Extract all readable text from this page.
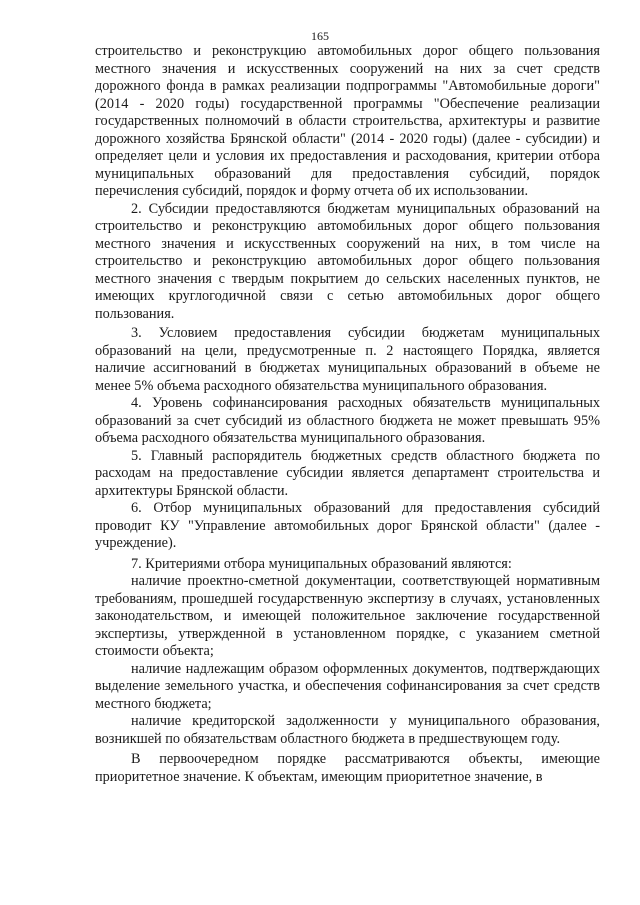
165

строительство и реконструкцию автомобильных дорог общего пользования местного значения и искусственных сооружений на них за счет средств дорожного фонда в рамках реализации подпрограммы "Автомобильные дороги" (2014 - 2020 годы) государственной программы "Обеспечение реализации государственных полномочий в области строительства, архитектуры и развитие дорожного хозяйства Брянской области" (2014 - 2020 годы) (далее - субсидии) и определяет цели и условия их предоставления и расходования, критерии отбора муниципальных образований для предоставления субсидий, порядок перечисления субсидий, порядок и форму отчета об их использовании.

2. Субсидии предоставляются бюджетам муниципальных образований на строительство и реконструкцию автомобильных дорог общего пользования местного значения и искусственных сооружений на них, в том числе на строительство и реконструкцию автомобильных дорог общего пользования местного значения с твердым покрытием до сельских населенных пунктов, не имеющих круглогодичной связи с сетью автомобильных дорог общего пользования.

3. Условием предоставления субсидии бюджетам муниципальных образований на цели, предусмотренные п. 2 настоящего Порядка, является наличие ассигнований в бюджетах муниципальных образований в объеме не менее 5% объема расходного обязательства муниципального образования.

4. Уровень софинансирования расходных обязательств муниципальных образований за счет субсидий из областного бюджета не может превышать 95% объема расходного обязательства муниципального образования.

5. Главный распорядитель бюджетных средств областного бюджета по расходам на предоставление субсидии является департамент строительства и архитектуры Брянской области.

6. Отбор муниципальных образований для предоставления субсидий проводит КУ "Управление автомобильных дорог Брянской области" (далее - учреждение).

7. Критериями отбора муниципальных образований являются:

наличие проектно-сметной документации, соответствующей нормативным требованиям, прошедшей государственную экспертизу в случаях, установленных законодательством, и имеющей положительное заключение государственной экспертизы, утвержденной в установленном порядке, с указанием сметной стоимости объекта;

наличие надлежащим образом оформленных документов, подтверждающих выделение земельного участка, и обеспечения софинансирования за счет средств местного бюджета;

наличие кредиторской задолженности у муниципального образования, возникшей по обязательствам областного бюджета в предшествующем году.

В первоочередном порядке рассматриваются объекты, имеющие приоритетное значение. К объектам, имеющим приоритетное значение, в
